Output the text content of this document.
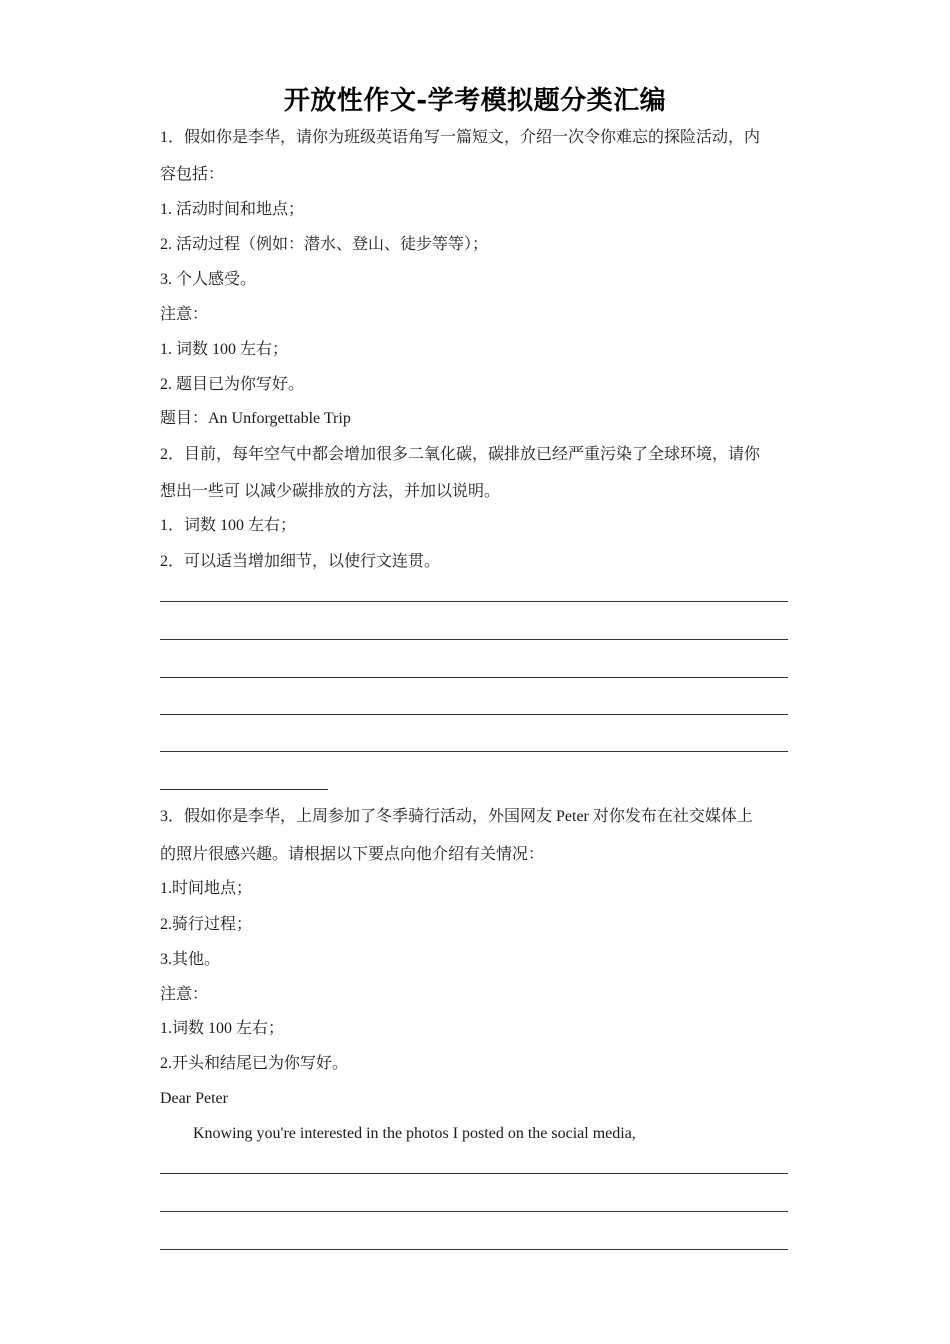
开放性作文-学考模拟题分类汇编
1．假如你是李华，请你为班级英语角写一篇短文，介绍一次令你难忘的探险活动，内
容包括：
1. 活动时间和地点；
2. 活动过程（例如：潜水、登山、徒步等等）；
3. 个人感受。
注意：
1. 词数 100 左右；
2. 题目已为你写好。
题目：An Unforgettable Trip
2．目前，每年空气中都会增加很多二氧化碳，碳排放已经严重污染了全球环境，请你
想出一些可 以减少碳排放的方法，并加以说明。
1．词数 100 左右；
2．可以适当增加细节，以使行文连贯。
3．假如你是李华，上周参加了冬季骑行活动，外国网友 Peter 对你发布在社交媒体上
的照片很感兴趣。请根据以下要点向他介绍有关情况：
1.时间地点；
2.骑行过程；
3.其他。
注意：
1.词数 100 左右；
2.开头和结尾已为你写好。
Dear Peter
Knowing you're interested in the photos I posted on the social media,
